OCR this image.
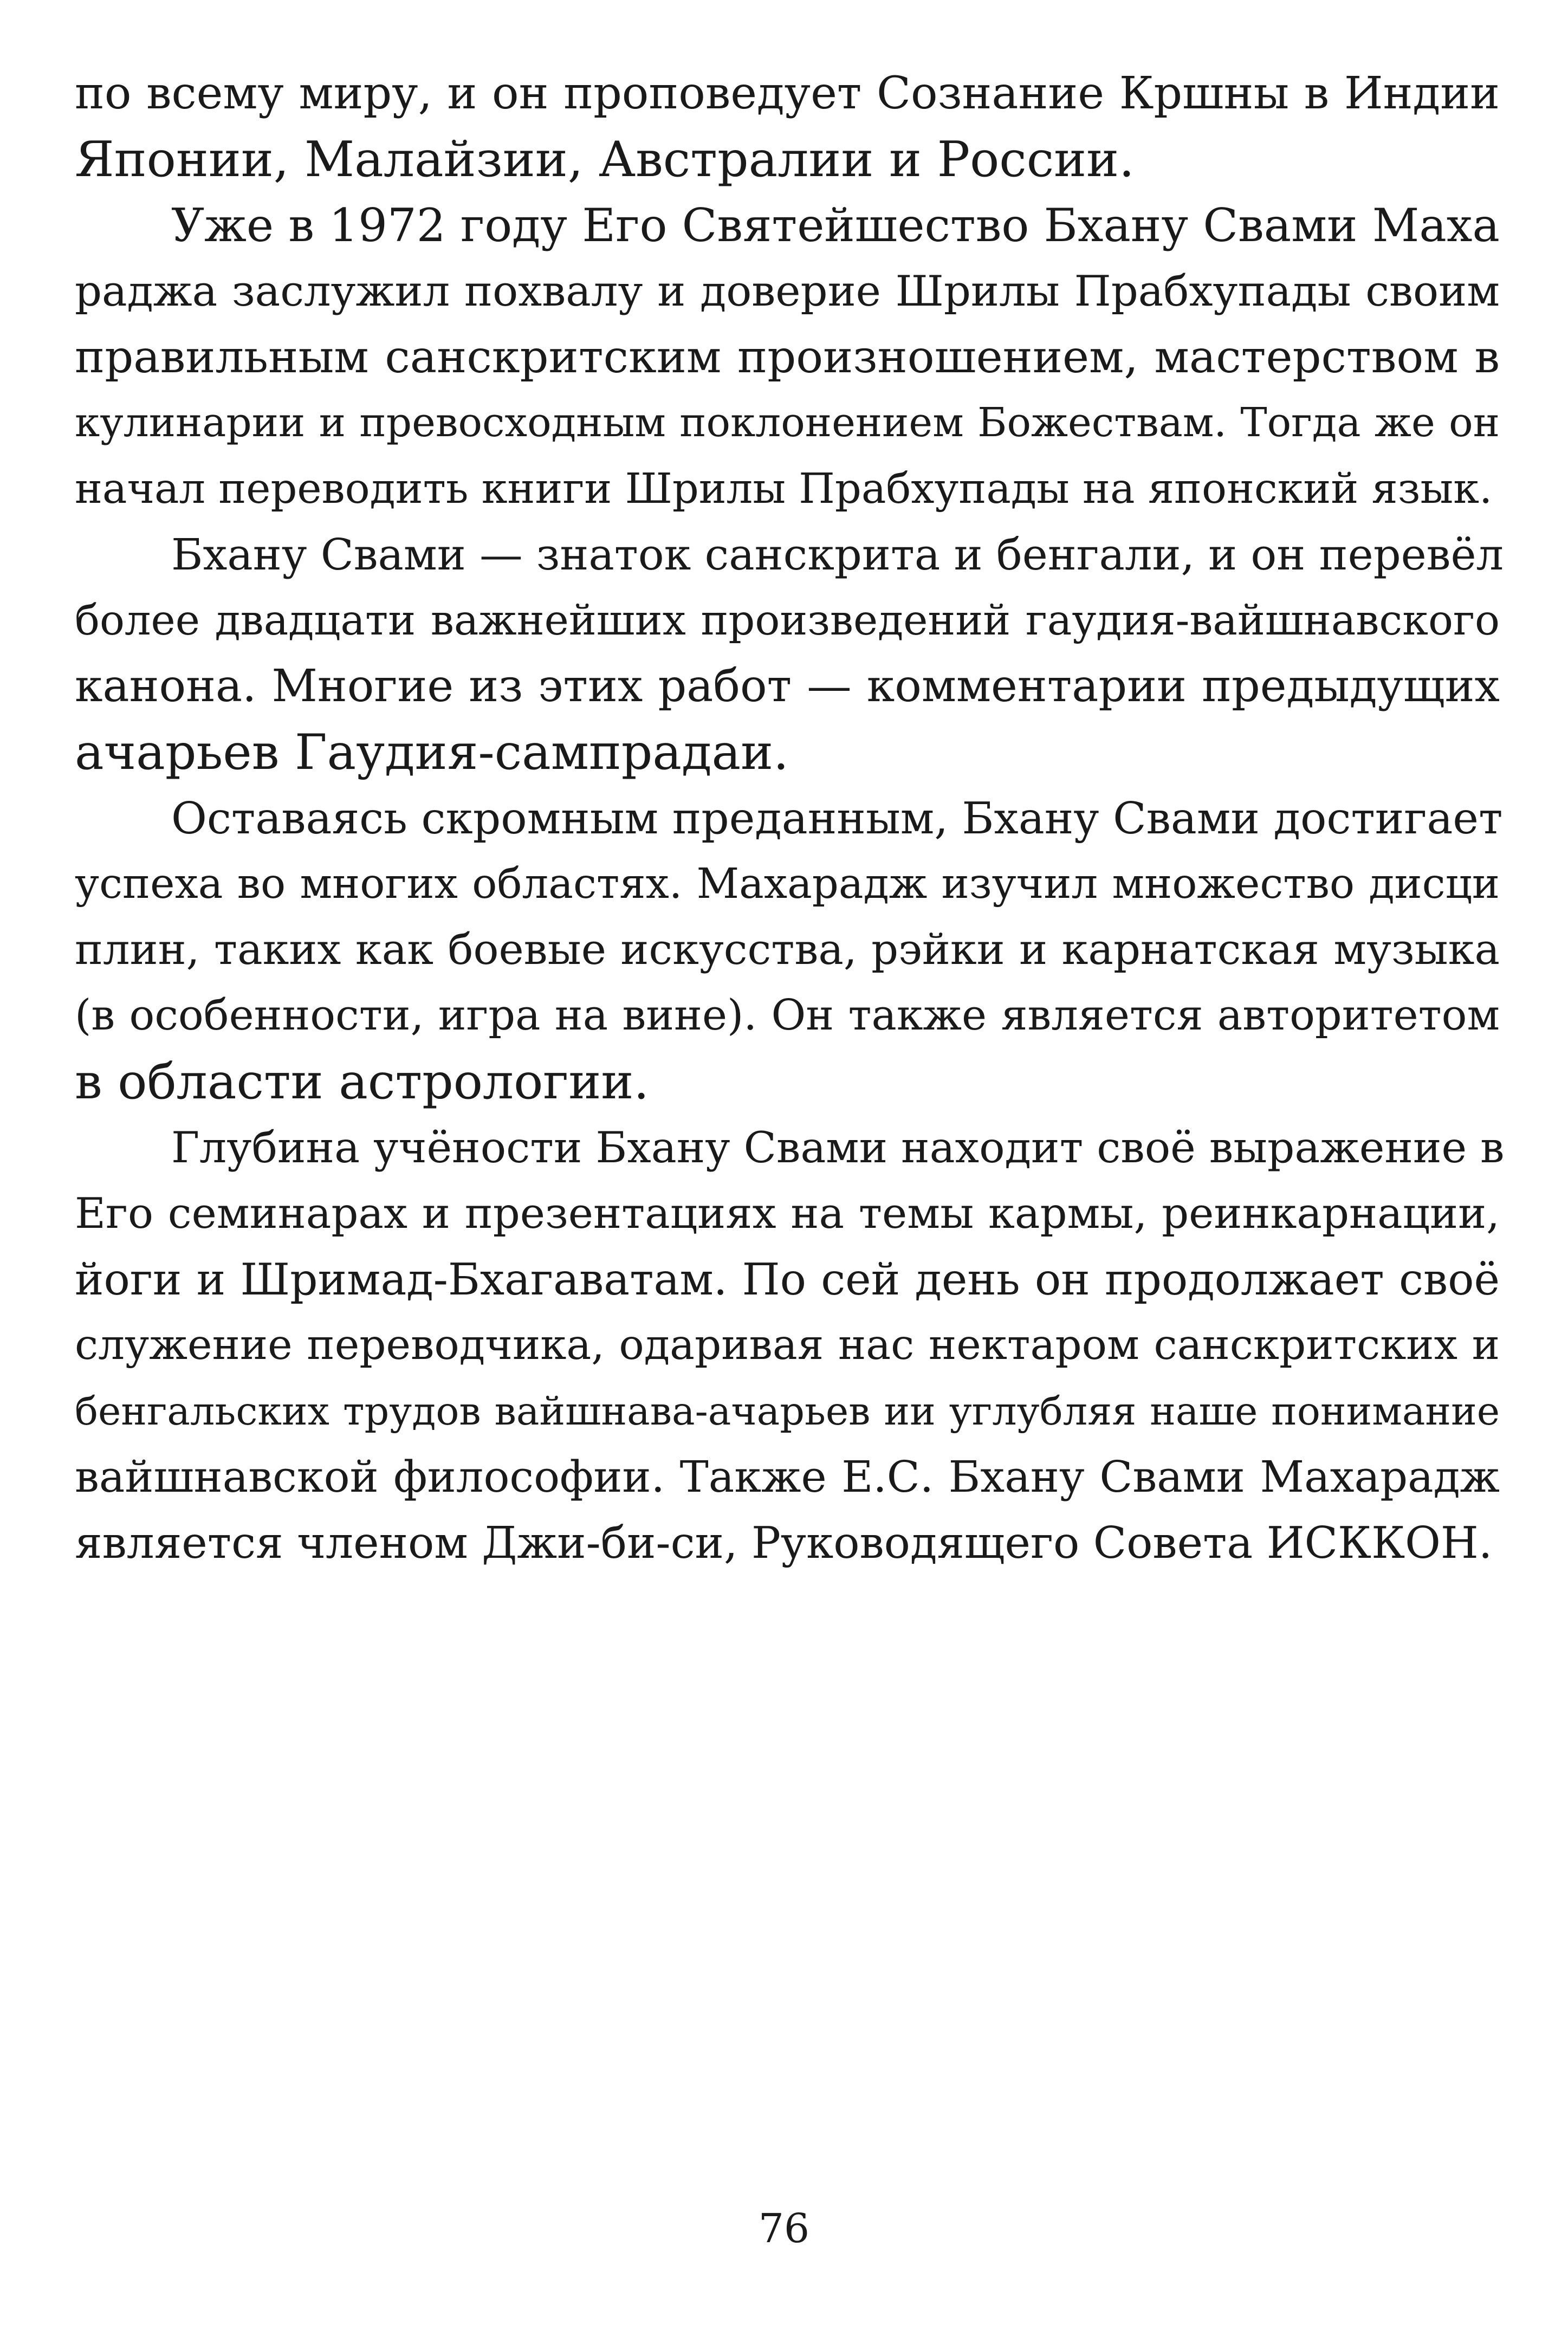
по всему миру, и он проповедует Сознание Кршны в Индии
Японии, Малайзии, Австралии и России.
Уже в 1972 году Его Святейшество Бхану Свами Маха
раджа заслужил похвалу и доверие Шрилы Прабхупады своим
правильным санскритским произношением, мастерством в
кулинарии и превосходным поклонением Божествам. Тогда же он
начал переводить книги Шрилы Прабхупады на японский язык.
Бхану Свами — знаток санскрита и бенгали, и он перевёл
более двадцати важнейших произведений гаудия-вайшнавского
канона. Многие из этих работ — комментарии предыдущих
ачарьев Гаудия-сампрадаи.
Оставаясь скромным преданным, Бхану Свами достигает
успеха во многих областях. Махарадж изучил множество дисци
плин, таких как боевые искусства, рэйки и карнатская музыка
(в особенности, игра на вине). Он также является авторитетом
в области астрологии.
Глубина учёности Бхану Свами находит своё выражение в
Его семинарах и презентациях на темы кармы, реинкарнации,
йоги и Шримад-Бхагаватам. По сей день он продолжает своё
служение переводчика, одаривая нас нектаром санскритских и
бенгальских трудов вайшнава-ачарьев ии углубляя наше понимание
вайшнавской философии. Также Е.С. Бхану Свами Махарадж
является членом Джи-би-си, Руководящего Совета ИСККОН.
76
